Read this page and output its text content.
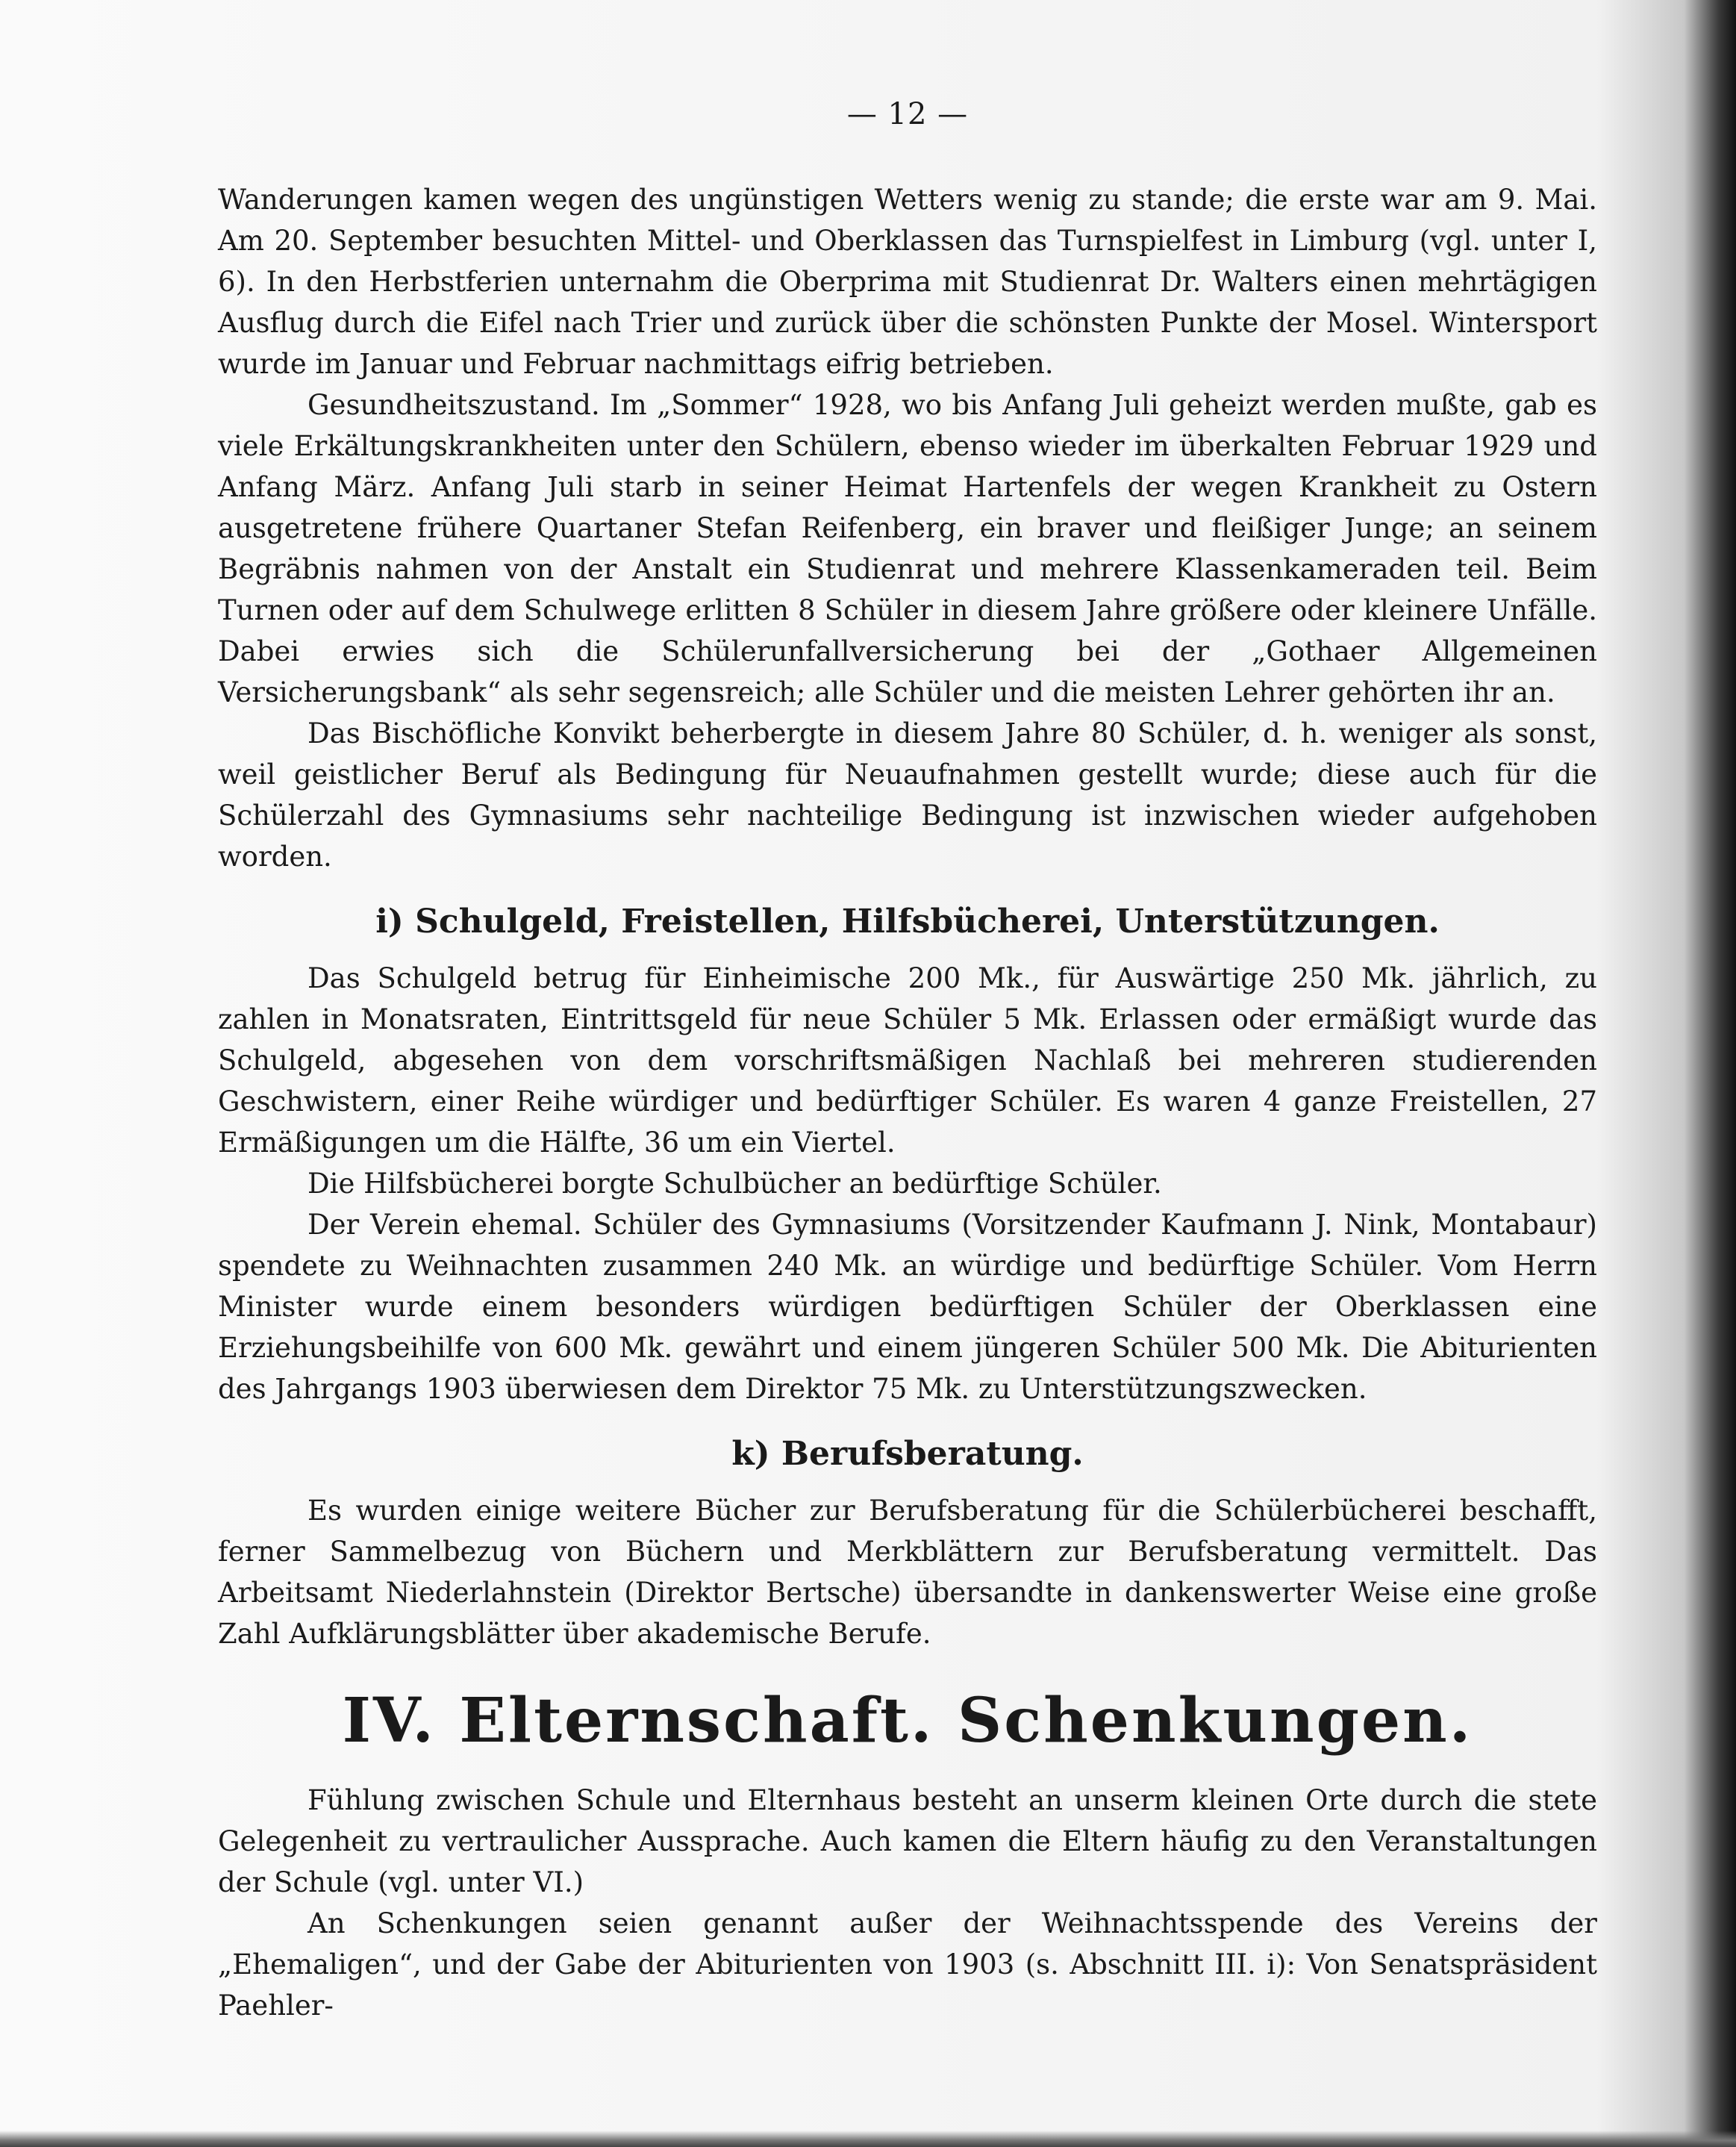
— 12 —

Wanderungen kamen wegen des ungünstigen Wetters wenig zu stande; die erste war am 9. Mai. Am 20. September besuchten Mittel- und Oberklassen das Turnspielfest in Limburg (vgl. unter I, 6). In den Herbstferien unternahm die Oberprima mit Studienrat Dr. Walters einen mehrtägigen Ausflug durch die Eifel nach Trier und zurück über die schönsten Punkte der Mosel. Wintersport wurde im Januar und Februar nachmittags eifrig betrieben.

Gesundheitszustand. Im „Sommer“ 1928, wo bis Anfang Juli geheizt werden mußte, gab es viele Erkältungskrankheiten unter den Schülern, ebenso wieder im überkalten Februar 1929 und Anfang März. Anfang Juli starb in seiner Heimat Hartenfels der wegen Krankheit zu Ostern ausgetretene frühere Quartaner Stefan Reifenberg, ein braver und fleißiger Junge; an seinem Begräbnis nahmen von der Anstalt ein Studienrat und mehrere Klassenkameraden teil. Beim Turnen oder auf dem Schulwege erlitten 8 Schüler in diesem Jahre größere oder kleinere Unfälle. Dabei erwies sich die Schülerunfallversicherung bei der „Gothaer Allgemeinen Versicherungsbank“ als sehr segensreich; alle Schüler und die meisten Lehrer gehörten ihr an.

Das Bischöfliche Konvikt beherbergte in diesem Jahre 80 Schüler, d. h. weniger als sonst, weil geistlicher Beruf als Bedingung für Neuaufnahmen gestellt wurde; diese auch für die Schülerzahl des Gymnasiums sehr nachteilige Bedingung ist inzwischen wieder aufgehoben worden.

i) Schulgeld, Freistellen, Hilfsbücherei, Unterstützungen.

Das Schulgeld betrug für Einheimische 200 Mk., für Auswärtige 250 Mk. jährlich, zu zahlen in Monatsraten, Eintrittsgeld für neue Schüler 5 Mk. Erlassen oder ermäßigt wurde das Schulgeld, abgesehen von dem vorschriftsmäßigen Nachlaß bei mehreren studierenden Geschwistern, einer Reihe würdiger und bedürftiger Schüler. Es waren 4 ganze Freistellen, 27 Ermäßigungen um die Hälfte, 36 um ein Viertel.

Die Hilfsbücherei borgte Schulbücher an bedürftige Schüler.

Der Verein ehemal. Schüler des Gymnasiums (Vorsitzender Kaufmann J. Nink, Montabaur) spendete zu Weihnachten zusammen 240 Mk. an würdige und bedürftige Schüler. Vom Herrn Minister wurde einem besonders würdigen bedürftigen Schüler der Oberklassen eine Erziehungsbeihilfe von 600 Mk. gewährt und einem jüngeren Schüler 500 Mk. Die Abiturienten des Jahrgangs 1903 überwiesen dem Direktor 75 Mk. zu Unterstützungszwecken.

k) Berufsberatung.

Es wurden einige weitere Bücher zur Berufsberatung für die Schülerbücherei beschafft, ferner Sammelbezug von Büchern und Merkblättern zur Berufsberatung vermittelt. Das Arbeitsamt Niederlahnstein (Direktor Bertsche) übersandte in dankenswerter Weise eine große Zahl Aufklärungsblätter über akademische Berufe.

IV. Elternschaft. Schenkungen.

Fühlung zwischen Schule und Elternhaus besteht an unserm kleinen Orte durch die stete Gelegenheit zu vertraulicher Aussprache. Auch kamen die Eltern häufig zu den Veranstaltungen der Schule (vgl. unter VI.)

An Schenkungen seien genannt außer der Weihnachtsspende des Vereins der „Ehemaligen“, und der Gabe der Abiturienten von 1903 (s. Abschnitt III. i): Von Senatspräsident Paehler-
